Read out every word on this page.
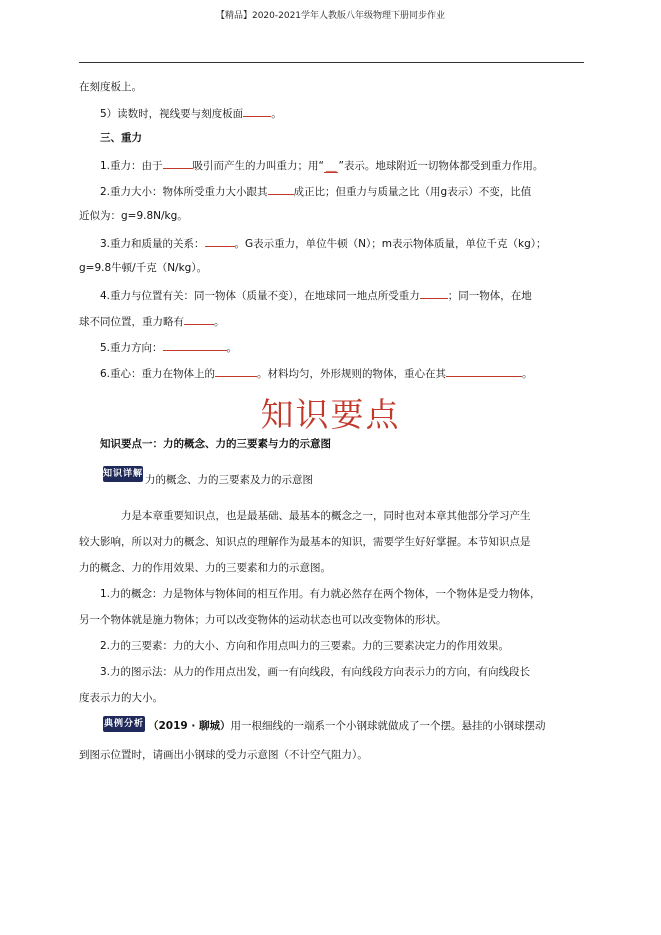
【精品】2020-2021学年人教版八年级物理下册同步作业
在刻度板上。
5）读数时，视线要与刻度板面	。
三、重力
1.重力：由于	吸引而产生的力叫重力；用“ __ ”表示。地球附近一切物体都受到重力作用。
2.重力大小：物体所受重力大小跟其 成正比；但重力与质量之比（用g表示）不变，比值
近似为：g=9.8N/kg。
3.重力和质量的关系：	。G表示重力，单位牛顿（N）；m表示物体质量，单位千克（kg）；
g=9.8牛顿/千克（N/kg）。
4.重力与位置有关：同一物体（质量不变），在地球同一地点所受重力	；同一物体，在地
球不同位置，重力略有	。
5.重力方向：	。
6.重心：重力在物体上的	。材料均匀，外形规则的物体，重心在其	。
知识要点
知识要点一：力的概念、力的三要素与力的示意图
知识详解 力的概念、力的三要素及力的示意图
力是本章重要知识点，也是最基础、最基本的概念之一，同时也对本章其他部分学习产生
较大影响，所以对力的概念、知识点的理解作为最基本的知识，需要学生好好掌握。本节知识点是
力的概念、力的作用效果、力的三要素和力的示意图。
1.力的概念：力是物体与物体间的相互作用。有力就必然存在两个物体，一个物体是受力物体，
另一个物体就是施力物体；力可以改变物体的运动状态也可以改变物体的形状。
2.力的三要素：力的大小、方向和作用点叫力的三要素。力的三要素决定力的作用效果。
3.力的图示法：从力的作用点出发，画一有向线段，有向线段方向表示力的方向，有向线段长
度表示力的大小。
典例分析 （2019 · 聊城）用一根细线的一端系一个小钢球就做成了一个摆。悬挂的小钢球摆动
到图示位置时，请画出小钢球的受力示意图（不计空气阻力）。
